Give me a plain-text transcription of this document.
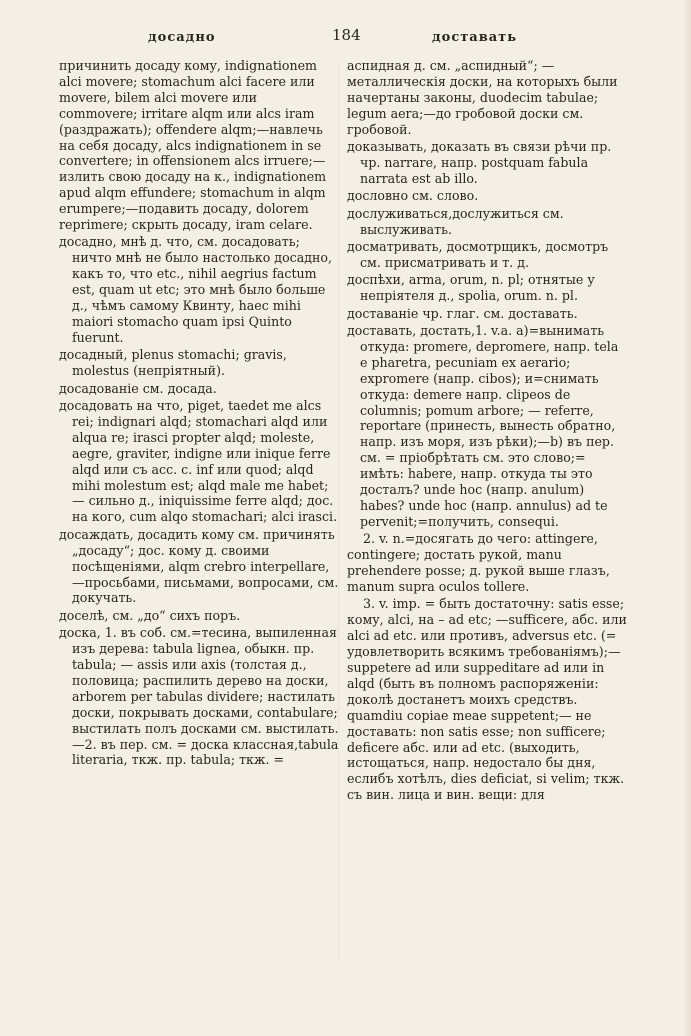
досадно	184	доставать

причинить досаду кому, indignationem alci movere; stomachum alci facere или movere, bilem alci movere или commovere; irritare alqm или alcs iram (раздражать); offendere alqm;—навлечь на себя досаду, alcs indignationem in se convertere; in offensionem alcs irruere;—излить свою досаду на к., indignationem apud alqm effundere; stomachum in alqm erumpere;—подавить досаду, dolorem reprimere; скрыть досаду, iram celare.

досадно, мнѣ д. что, см. досадовать; ничто мнѣ не было настолько досадно, какъ то, что etc., nihil aegrius factum est, quam ut etc; это мнѣ было больше д., чѣмъ самому Квинту, haec mihi maiori stomacho quam ipsi Quinto fuerunt.

досадный, plenus stomachi; gravis, molestus (непріятный).

досадованіе см. досада.

досадовать на что, piget, taedet me alcs rei; indignari alqd; stomachari alqd или alqua re; irasci propter alqd; moleste, aegre, graviter, indigne или inique ferre alqd или съ acc. c. inf или quod; alqd mihi molestum est; alqd male me habet; — сильно д., iniquissime ferre alqd; дос. на кого, cum alqo stomachari; alci irasci.

досаждать, досадить кому см. причинять „досаду“; дос. кому д. своими посѣщеніями, alqm crebro interpellare,—просьбами, письмами, вопросами, см. докучать.

доселѣ, см. „до“ сихъ поръ.

доска, 1. въ соб. см.=тесина, выпиленная изъ дерева: tabula lignea, обыкн. пр. tabula; — assis или axis (толстая д., половица; распилить дерево на доски, arborem per tabulas dividere; настилать доски, покрывать досками, contabulare; выстилать полъ досками см. выстилать.—2. въ пер. см. = доска классная,tabula literaria, ткж. пр. tabula; ткж. =

аспидная д. см. „аспидный“; — металлическія доски, на которыхъ были начертаны законы, duodecim tabulae; legum aera;—до гробовой доски см. гробовой.

доказывать, доказать въ связи рѣчи пр. чр. narrare, напр. postquam fabula narrata est ab illo.

дословно см. слово.

дослуживаться,дослужиться см. выслуживать.

досматривать, досмотрщикъ, досмотръ см. присматривать и т. д.

доспѣхи, arma, orum, n. pl; отнятые у непріятеля д., spolia, orum. n. pl.

доставаніе чр. глаг. см. доставать.

доставать, достать,1. v.a. a)=вынимать откуда: promere, depromere, напр. tela e pharetra, pecuniam ex aerario; expromere (напр. cibos); и=снимать откуда: demere напр. clipeos de columnis; pomum arbore; — referre, reportare (принесть, вынесть обратно, напр. изъ моря, изъ рѣки);—b) въ пер. см. = пріобрѣтать см. это слово;= имѣть: habere, напр. откуда ты это досталъ? unde hoc (напр. anulum) habes? unde hoc (напр. annulus) ad te pervenit;=получить, consequi.

2. v. n.=досягать до чего: attingere, contingere; достать рукой, manu prehendere posse; д. рукой выше глазъ, manum supra oculos tollere.

3. v. imp. = быть достаточну: satis esse; кому, alci, на – ad etc; —sufficere, абс. или alci ad etc. или противъ, adversus etc. (= удовлетворить всякимъ требованіямъ);—suppetere ad или suppeditare ad или in alqd (быть въ полномъ распоряженіи: доколѣ достанетъ моихъ средствъ. quamdiu copiae meae suppetent;— не доставать: non satis esse; non sufficere; deficere абс. или ad etc. (выходить, истощаться, напр. недостало бы дня, еслибъ хотѣлъ, dies deficiat, si velim; ткж. съ вин. лица и вин. вещи: для
